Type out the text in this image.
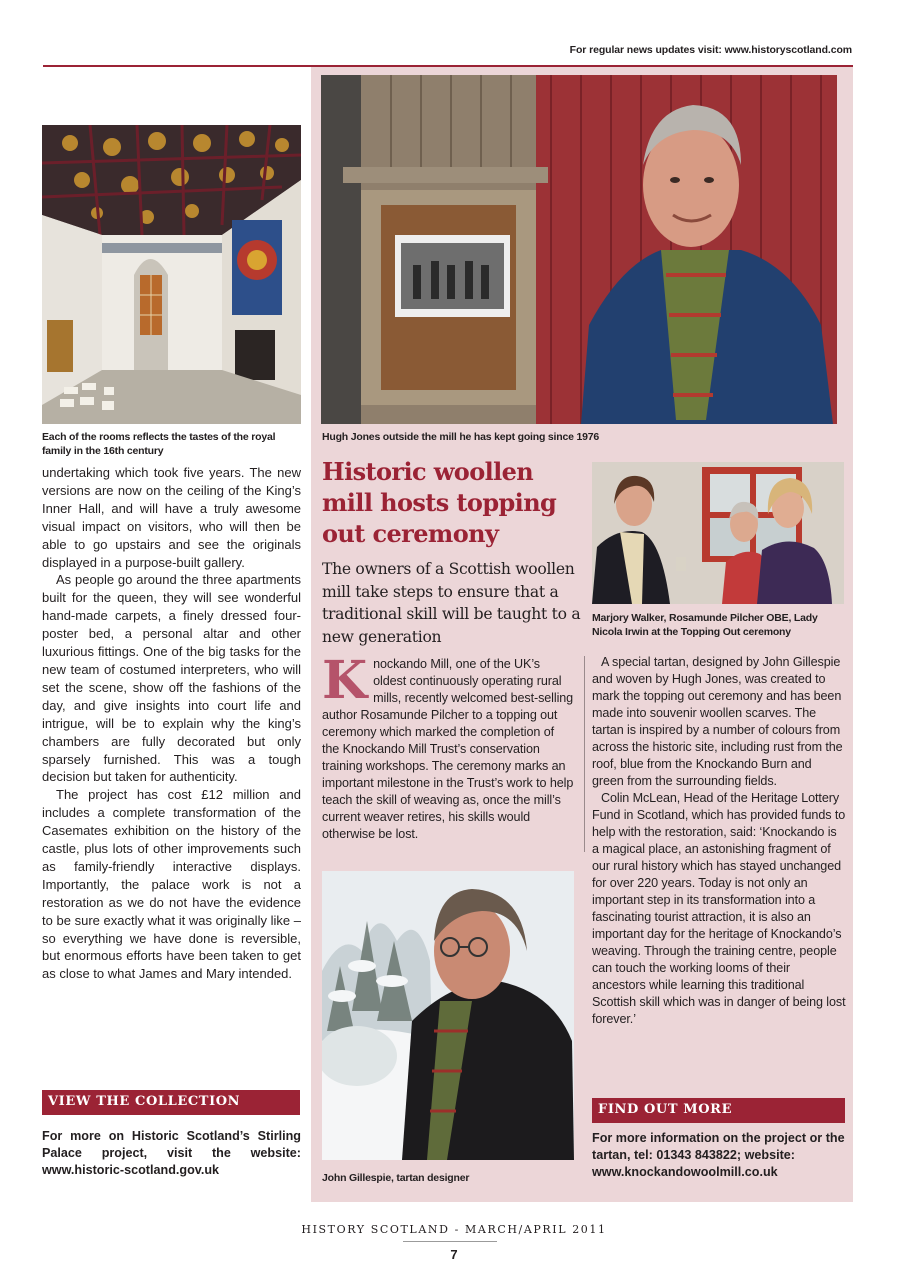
For regular news updates visit: www.historyscotland.com
Each of the rooms reflects the tastes of the royal family in the 16th century

undertaking which took five years. The new versions are now on the ceiling of the King’s Inner Hall, and will have a truly awesome visual impact on visitors, who will then be able to go upstairs and see the originals displayed in a purpose-built gallery.

As people go around the three apartments built for the queen, they will see wonderful hand-made carpets, a finely dressed four-poster bed, a personal altar and other luxurious fittings. One of the big tasks for the new team of costumed interpreters, who will set the scene, show off the fashions of the day, and give insights into court life and intrigue, will be to explain why the king’s chambers are fully decorated but only sparsely furnished. This was a tough decision but taken for authenticity.

The project has cost £12 million and includes a complete transformation of the Casemates exhibition on the history of the castle, plus lots of other improvements such as family-friendly interactive displays. Importantly, the palace work is not a restoration as we do not have the evidence to be sure exactly what it was originally like – so everything we have done is reversible, but enormous efforts have been taken to get as close to what James and Mary intended.

VIEW THE COLLECTION
For more on Historic Scotland’s Stirling Palace project, visit the website: www.historic-scotland.gov.uk
Hugh Jones outside the mill he has kept going since 1976
Historic woollen mill hosts topping out ceremony
The owners of a Scottish woollen mill take steps to ensure that a traditional skill will be taught to a new generation
Knockando Mill, one of the UK’s oldest continuously operating rural mills, recently welcomed best-selling author Rosamunde Pilcher to a topping out ceremony which marked the completion of the Knockando Mill Trust’s conservation training workshops. The ceremony marks an important milestone in the Trust’s work to help teach the skill of weaving as, once the mill’s current weaver retires, his skills would otherwise be lost.
Marjory Walker, Rosamunde Pilcher OBE, Lady Nicola Irwin at the Topping Out ceremony

A special tartan, designed by John Gillespie and woven by Hugh Jones, was created to mark the topping out ceremony and has been made into souvenir woollen scarves. The tartan is inspired by a number of colours from across the historic site, including rust from the roof, blue from the Knockando Burn and green from the surrounding fields.

Colin McLean, Head of the Heritage Lottery Fund in Scotland, which has provided funds to help with the restoration, said: ‘Knockando is a magical place, an astonishing fragment of our rural history which has stayed unchanged for over 220 years. Today is not only an important step in its transformation into a fascinating tourist attraction, it is also an important day for the heritage of Knockando’s weaving. Through the training centre, people can touch the working looms of their ancestors while learning this traditional Scottish skill which was in danger of being lost forever.’

John Gillespie, tartan designer
FIND OUT MORE
For more information on the project or the tartan, tel: 01343 843822; website: www.knockandowoolmill.co.uk
HISTORY SCOTLAND - MARCH/APRIL 2011
7
